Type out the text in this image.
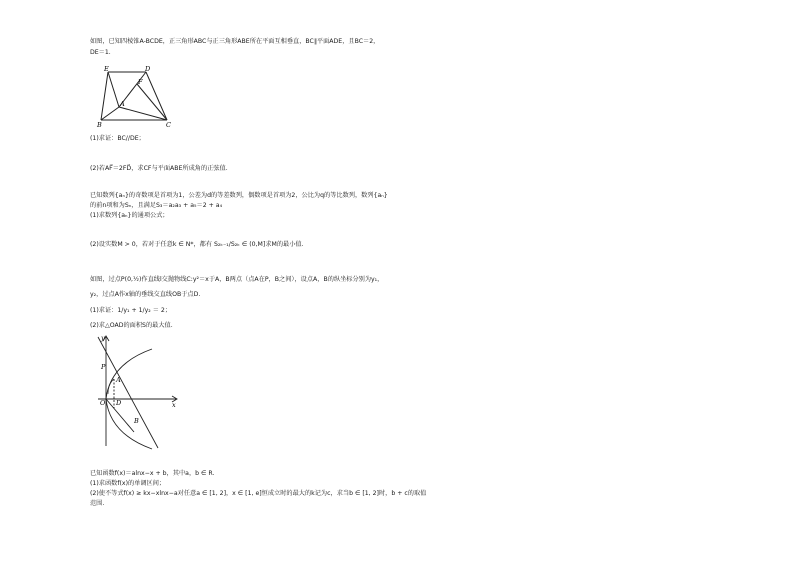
如图，已知四棱锥A-BCDE，正三角形ABC与正三角形ABE所在平面互相垂直，BC∥平面ADE，且BC＝2，
DE＝1.
E	D
F
A
B	C
(1)求证：BC//DE；
(2)若AF⃗＝2FD⃗，求CF与平面ABE所成角的正弦值.
已知数列{aₙ}的奇数项是首项为1，公差为d的等差数列，偶数项是首项为2，公比为q的等比数列，数列{aₙ}
的前n项和为Sₙ，且满足S₃＝a₂a₃ + a₅＝2 + a₄
(1)求数列{aₙ}的通项公式；
(2)设实数M > 0，若对于任意k ∈ N*，都有 S₂ₖ₋₁/S₂ₖ ∈ (0,M]求M的最小值.
如图，过点P(0,½)作直线l交抛物线C:y²＝x于A，B两点（点A在P，B之间），设点A，B的纵坐标分别为y₁，
y₂，过点A作x轴的垂线交直线OB于点D.
(1)求证：1/y₁ + 1/y₂ ＝ 2；
(2)求△OAD的面积S的最大值.
y
x
O
P
A
D
B
已知函数f(x)＝alnx−x + b，其中a，b ∈ R.
(1)求函数f(x)的单调区间；
(2)使不等式f(x) ≥ kx−xlnx−a对任意a ∈ [1, 2]，x ∈ [1, e]恒成立时的最大的k记为c，求当b ∈ [1, 2]时，b + c的取值
范围.
